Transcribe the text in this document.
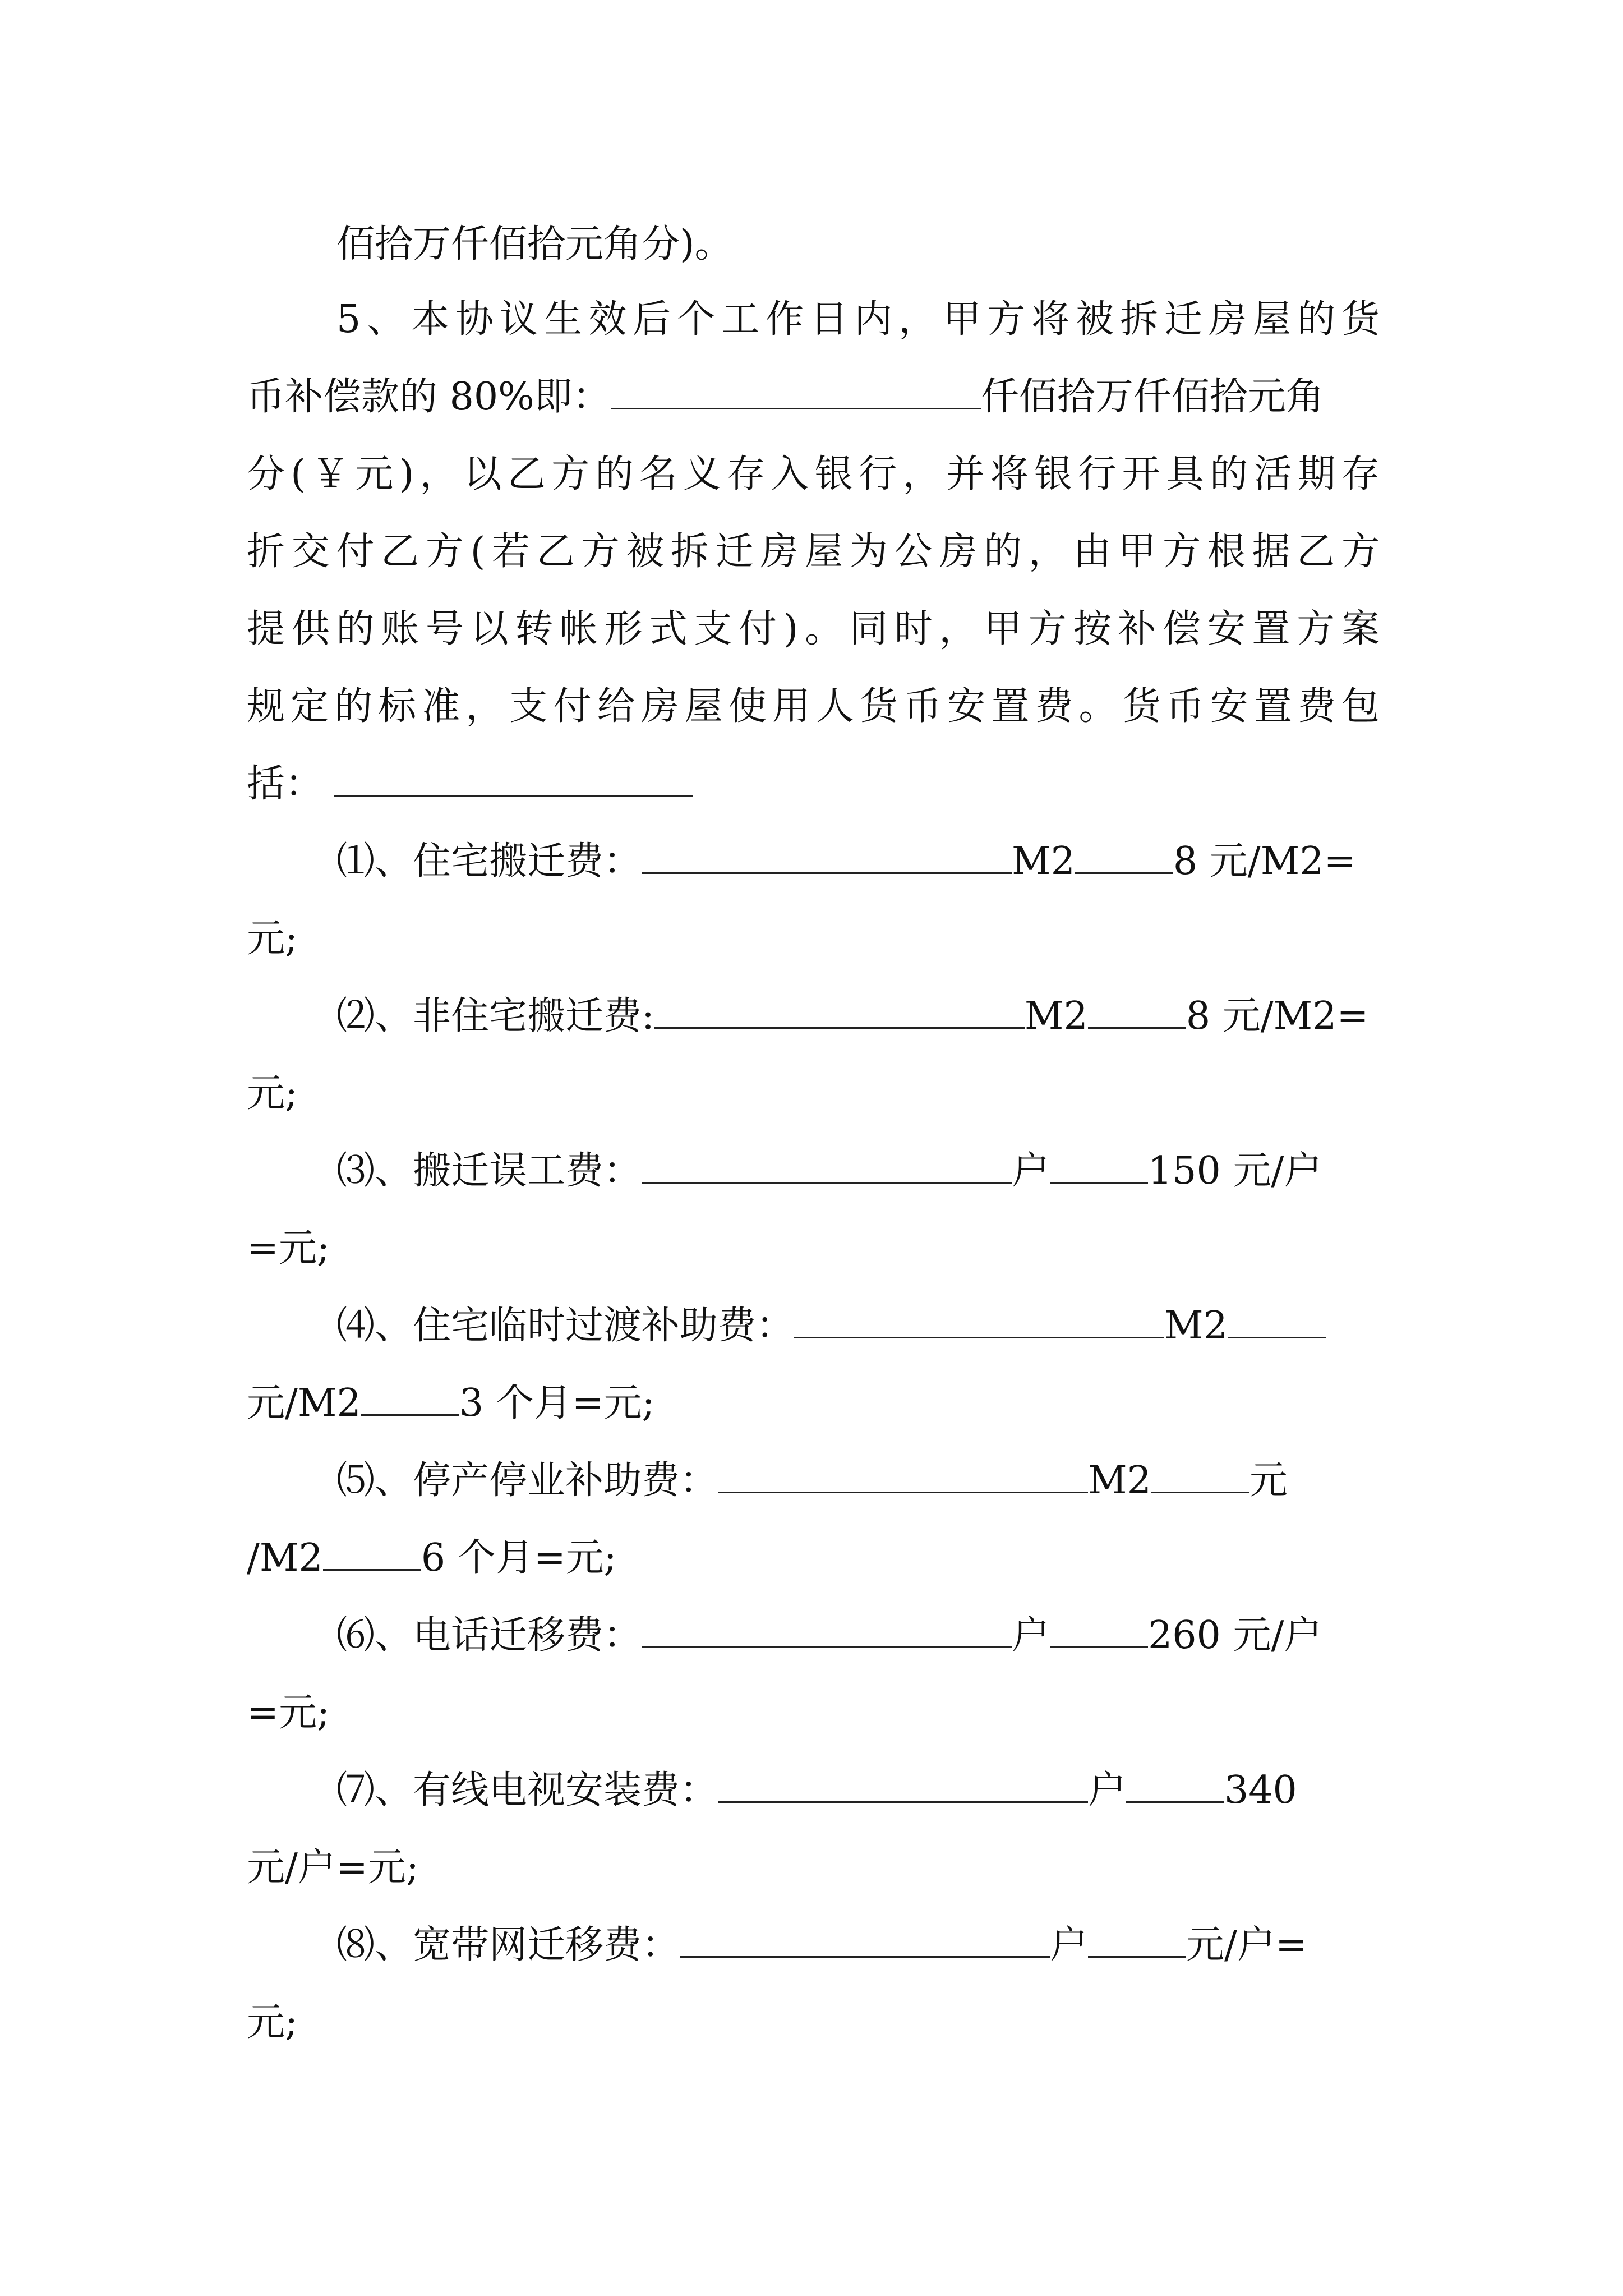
佰拾万仟佰拾元角分)。
5、本协议生效后个工作日内，甲方将被拆迁房屋的货
币补偿款的 80%即：	仟佰拾万仟佰拾元角
分(￥元)，以乙方的名义存入银行，并将银行开具的活期存
折交付乙方(若乙方被拆迁房屋为公房的，由甲方根据乙方
提供的账号以转帐形式支付)。同时，甲方按补偿安置方案
规定的标准，支付给房屋使用人货币安置费。货币安置费包
括：
⑴、住宅搬迁费：	M2	8 元/M2=
元;
⑵、非住宅搬迁费:	M2	8 元/M2=
元;
⑶、搬迁误工费：	户	150 元/户
=元;
⑷、住宅临时过渡补助费：	M2
元/M2	3 个月=元;
⑸、停产停业补助费：	M2	元
/M2	6 个月=元;
⑹、电话迁移费：	户	260 元/户
=元;
⑺、有线电视安装费：	户	340
元/户=元;
⑻、宽带网迁移费：	户	元/户=
元;
